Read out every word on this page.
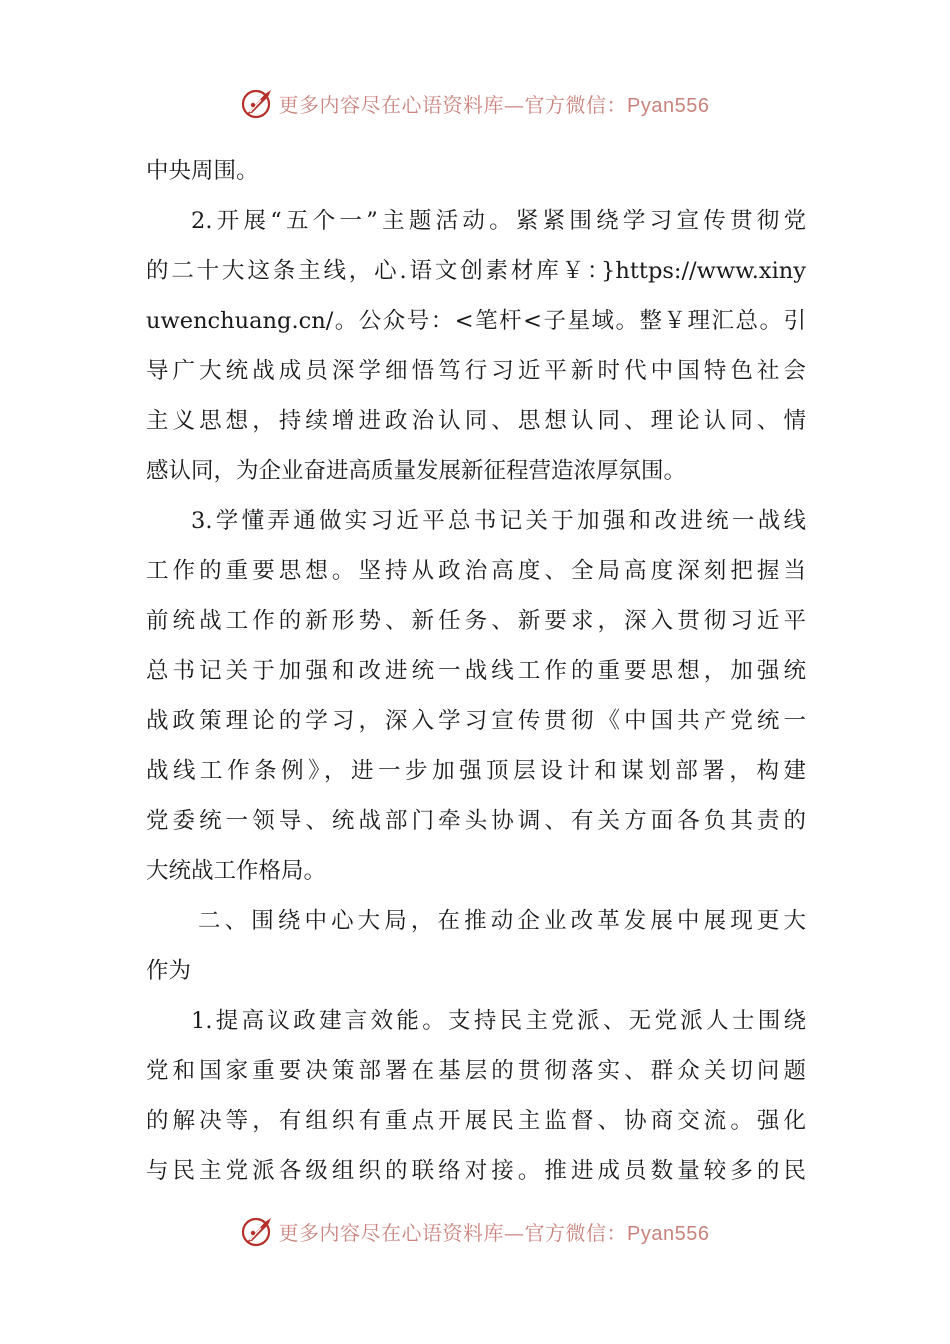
更多内容尽在心语资料库—官方微信：Pyan556
中央周围。
2.开展“五个一”主题活动。紧紧围绕学习宣传贯彻党
的二十大这条主线，心.语文创素材库￥：}https://www.xiny
uwenchuang.cn/。公众号：<笔杆<子星域。整￥理汇总。引
导广大统战成员深学细悟笃行习近平新时代中国特色社会
主义思想，持续增进政治认同、思想认同、理论认同、情
感认同，为企业奋进高质量发展新征程营造浓厚氛围。
3.学懂弄通做实习近平总书记关于加强和改进统一战线
工作的重要思想。坚持从政治高度、全局高度深刻把握当
前统战工作的新形势、新任务、新要求，深入贯彻习近平
总书记关于加强和改进统一战线工作的重要思想，加强统
战政策理论的学习，深入学习宣传贯彻《中国共产党统一
战线工作条例》，进一步加强顶层设计和谋划部署，构建
党委统一领导、统战部门牵头协调、有关方面各负其责的
大统战工作格局。
二、围绕中心大局，在推动企业改革发展中展现更大
作为
1.提高议政建言效能。支持民主党派、无党派人士围绕
党和国家重要决策部署在基层的贯彻落实、群众关切问题
的解决等，有组织有重点开展民主监督、协商交流。强化
与民主党派各级组织的联络对接。推进成员数量较多的民
更多内容尽在心语资料库—官方微信：Pyan556
